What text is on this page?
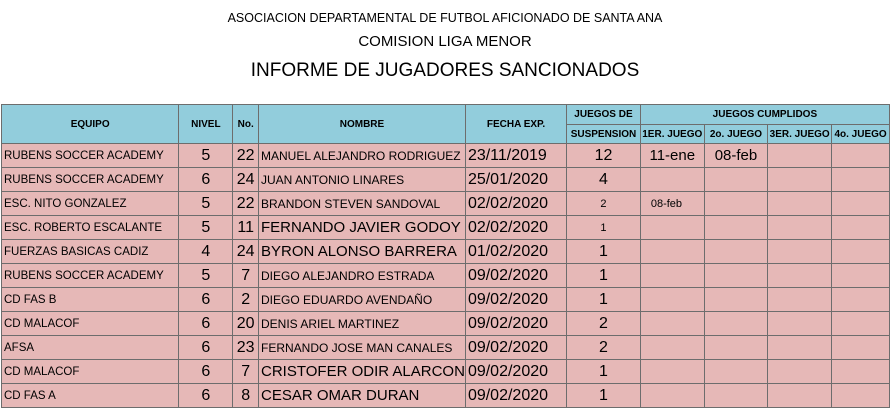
ASOCIACION DEPARTAMENTAL DE FUTBOL AFICIONADO DE SANTA ANA
COMISION LIGA MENOR
INFORME DE JUGADORES SANCIONADOS
EQUIPO	NIVEL	No.	NOMBRE	FECHA EXP.	JUEGOS DE	JUEGOS CUMPLIDOS			
					SUSPENSION	1ER. JUEGO	2o. JUEGO	3ER. JUEGO	4o. JUEGO
RUBENS SOCCER ACADEMY	5	22	MANUEL ALEJANDRO RODRIGUEZ	23/11/2019	12	11-ene	08-feb		
RUBENS SOCCER ACADEMY	6	24	JUAN ANTONIO LINARES	25/01/2020	4				
ESC. NITO GONZALEZ	5	22	BRANDON STEVEN SANDOVAL	02/02/2020	2	08-feb			
ESC. ROBERTO ESCALANTE	5	11	FERNANDO JAVIER GODOY	02/02/2020	1				
FUERZAS BASICAS CADIZ	4	24	BYRON ALONSO BARRERA	01/02/2020	1				
RUBENS SOCCER ACADEMY	5	7	DIEGO ALEJANDRO ESTRADA	09/02/2020	1				
CD FAS B	6	2	DIEGO EDUARDO AVENDAÑO	09/02/2020	1				
CD MALACOF	6	20	DENIS ARIEL MARTINEZ	09/02/2020	2				
AFSA	6	23	FERNANDO JOSE MAN CANALES	09/02/2020	2				
CD MALACOF	6	7	CRISTOFER ODIR ALARCON	09/02/2020	1				
CD FAS A	6	8	CESAR OMAR DURAN	09/02/2020	1				
